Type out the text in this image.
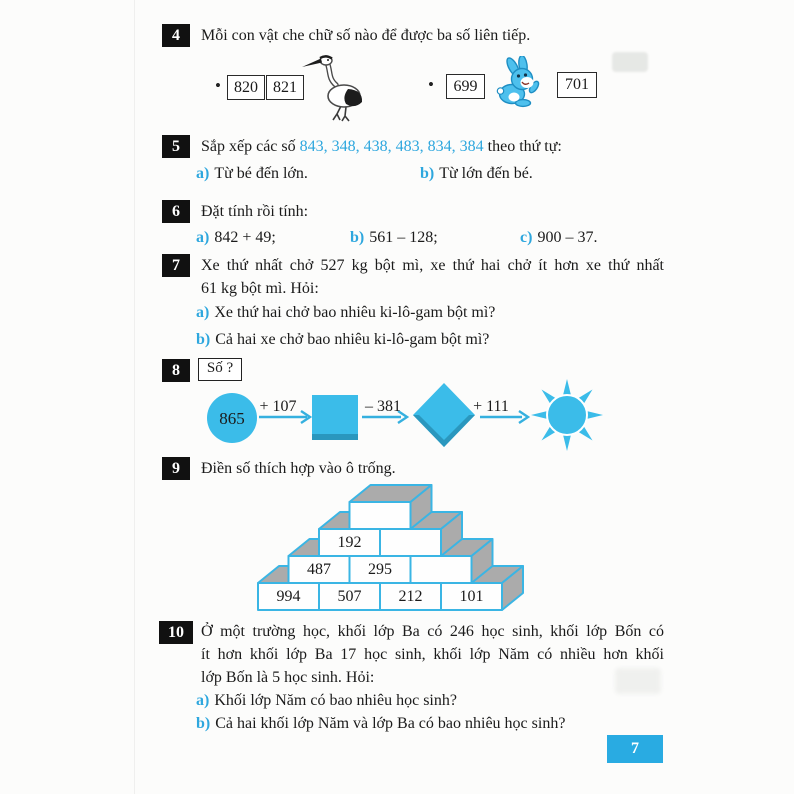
4	Mỗi con vật che chữ số nào để được ba số liên tiếp.
• 820 821	•	699	701
5	Sắp xếp các số 843, 348, 438, 483, 834, 384 theo thứ tự:
a) Từ bé đến lớn.	b) Từ lớn đến bé.
6	Đặt tính rồi tính:
a) 842 + 49;	b) 561 – 128;	c) 900 – 37.
7	Xe thứ nhất chở 527 kg bột mì, xe thứ hai chở ít hơn xe thứ nhất
61 kg bột mì. Hỏi:
a) Xe thứ hai chở bao nhiêu ki-lô-gam bột mì?
b) Cả hai xe chở bao nhiêu ki-lô-gam bột mì?
8	Số ?
865
+ 107	– 381	+ 111
9	Điền số thích hợp vào ô trống.
192
487	295
994	507	212	101
10	Ở một trường học, khối lớp Ba có 246 học sinh, khối lớp Bốn có
ít hơn khối lớp Ba 17 học sinh, khối lớp Năm có nhiều hơn khối
lớp Bốn là 5 học sinh. Hỏi:
a) Khối lớp Năm có bao nhiêu học sinh?
b) Cả hai khối lớp Năm và lớp Ba có bao nhiêu học sinh?
7
